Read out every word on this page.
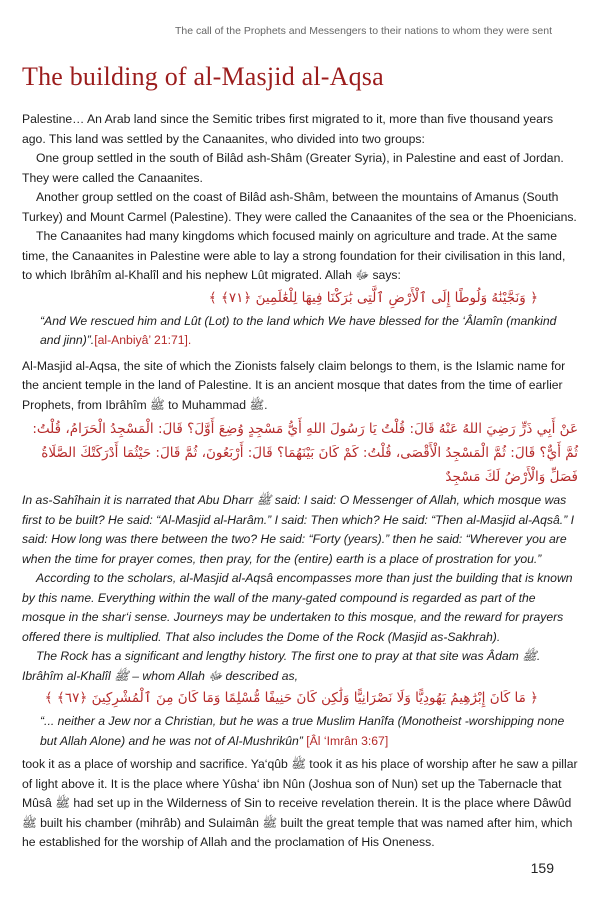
The call of the Prophets and Messengers to their nations to whom they were sent
The building of al-Masjid al-Aqsa

Palestine… An Arab land since the Semitic tribes first migrated to it, more than five thousand years ago. This land was settled by the Canaanites, who divided into two groups:

One group settled in the south of Bilâd ash-Shâm (Greater Syria), in Palestine and east of Jordan. They were called the Canaanites.

Another group settled on the coast of Bilâd ash-Shâm, between the mountains of Amanus (South Turkey) and Mount Carmel (Palestine). They were called the Canaanites of the sea or the Phoenicians.

The Canaanites had many kingdoms which focused mainly on agriculture and trade. At the same time, the Canaanites in Palestine were able to lay a strong foundation for their civilisation in this land, to which Ibrâhîm al-Khalîl and his nephew Lût migrated. Allah ﷻ says:

﴿ وَنَجَّيْنَٰهُ وَلُوطًا إِلَى ٱلْأَرْضِ ٱلَّتِى بَٰرَكْنَا فِيهَا لِلْعَٰلَمِينَ ﴿٧١﴾ ﴾

“And We rescued him and Lût (Lot) to the land which We have blessed for the ‘Âlamîn (mankind and jinn)”.[al-Anbiyâ’ 21:71].

Al-Masjid al-Aqsa, the site of which the Zionists falsely claim belongs to them, is the Islamic name for the ancient temple in the land of Palestine. It is an ancient mosque that dates from the time of earlier Prophets, from Ibrâhîm ﷺ to Muhammad ﷺ.

عَنْ أَبِي ذَرٍّ رَضِيَ اللهُ عَنْهُ قَالَ: قُلْتُ يَا رَسُولَ اللهِ أَيُّ مَسْجِدٍ وُضِعَ أَوَّلَ؟ قَالَ: الْمَسْجِدُ الْحَرَامُ، قُلْتُ: ثُمَّ أَيٌّ؟ قَالَ: ثُمَّ الْمَسْجِدُ الْأَقْصَى، قُلْتُ: كَمْ كَانَ بَيْنَهُمَا؟ قَالَ: أَرْبَعُونَ، ثُمَّ قَالَ: حَيْثُمَا أَدْرَكَتْكَ الصَّلَاةُ فَصَلِّ وَالْأَرْضُ لَكَ مَسْجِدٌ

In as-Sahîhain it is narrated that Abu Dharr ﷺ said: I said: O Messenger of Allah, which mosque was first to be built? He said: “Al-Masjid al-Harâm.” I said: Then which? He said: “Then al-Masjid al-Aqsâ.” I said: How long was there between the two? He said: “Forty (years).” then he said: “Wherever you are when the time for prayer comes, then pray, for the (entire) earth is a place of prostration for you.”

According to the scholars, al-Masjid al-Aqsâ encompasses more than just the building that is known by this name. Everything within the wall of the many-gated compound is regarded as part of the mosque in the shar‘i sense. Journeys may be undertaken to this mosque, and the reward for prayers offered there is multiplied. That also includes the Dome of the Rock (Masjid as-Sakhrah).

The Rock has a significant and lengthy history. The first one to pray at that site was Âdam ﷺ. Ibrâhîm al-Khalîl ﷺ – whom Allah ﷻ described as,

﴿ مَا كَانَ إِبْرَٰهِيمُ يَهُودِيًّا وَلَا نَصْرَانِيًّا وَلَٰكِن كَانَ حَنِيفًا مُّسْلِمًا وَمَا كَانَ مِنَ ٱلْمُشْرِكِينَ ﴿٦٧﴾ ﴾

“... neither a Jew nor a Christian, but he was a true Muslim Hanîfa (Monotheist -worshipping none but Allah Alone) and he was not of Al-Mushrikûn” [Âl ‘Imrân 3:67]

took it as a place of worship and sacrifice. Ya‘qûb ﷺ took it as his place of worship after he saw a pillar of light above it. It is the place where Yûsha‘ ibn Nûn (Joshua son of Nun) set up the Tabernacle that Mûsâ ﷺ had set up in the Wilderness of Sin to receive revelation therein. It is the place where Dâwûd ﷺ built his chamber (mihrâb) and Sulaimân ﷺ built the great temple that was named after him, which he established for the worship of Allah and the proclamation of His Oneness.

159
